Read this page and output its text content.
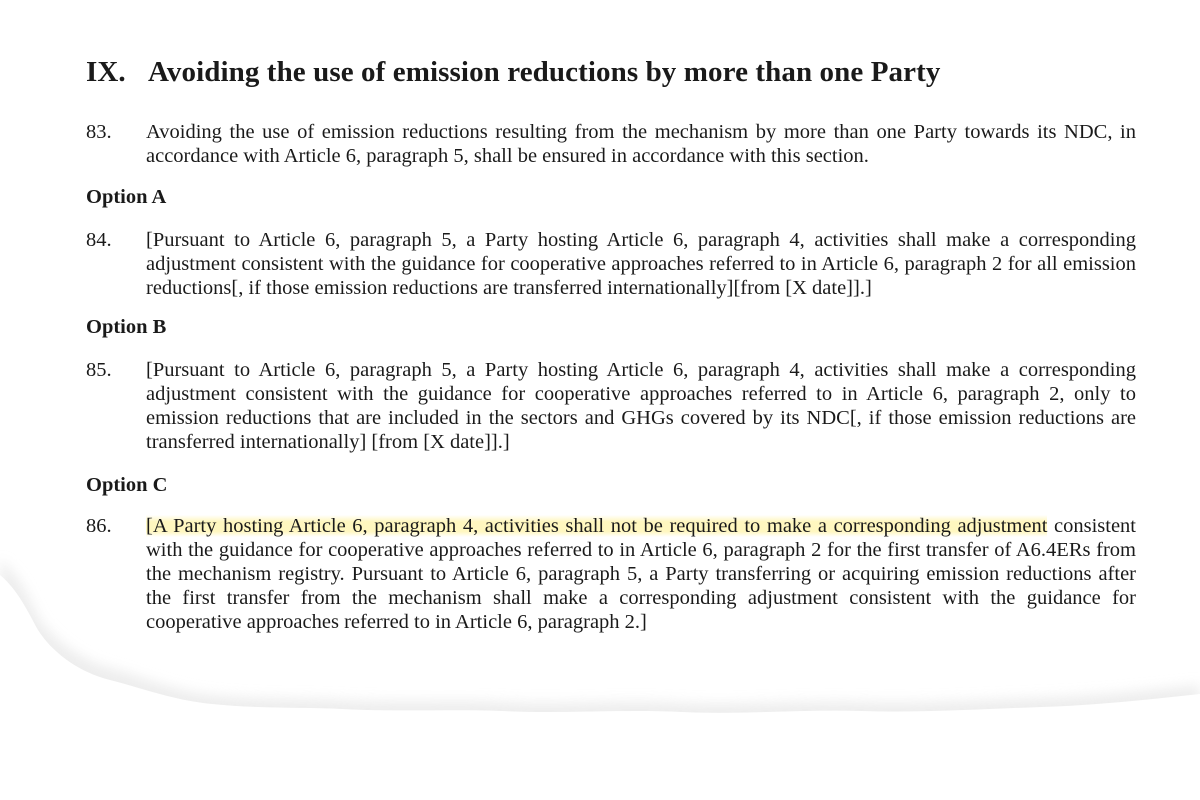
IX. Avoiding the use of emission reductions by more than one Party
83. Avoiding the use of emission reductions resulting from the mechanism by more than one Party towards its NDC, in accordance with Article 6, paragraph 5, shall be ensured in accordance with this section.
Option A
84. [Pursuant to Article 6, paragraph 5, a Party hosting Article 6, paragraph 4, activities shall make a corresponding adjustment consistent with the guidance for cooperative approaches referred to in Article 6, paragraph 2 for all emission reductions[, if those emission reductions are transferred internationally][from [X date]].]
Option B
85. [Pursuant to Article 6, paragraph 5, a Party hosting Article 6, paragraph 4, activities shall make a corresponding adjustment consistent with the guidance for cooperative approaches referred to in Article 6, paragraph 2, only to emission reductions that are included in the sectors and GHGs covered by its NDC[, if those emission reductions are transferred internationally] [from [X date]].]
Option C
86. [A Party hosting Article 6, paragraph 4, activities shall not be required to make a corresponding adjustment consistent with the guidance for cooperative approaches referred to in Article 6, paragraph 2 for the first transfer of A6.4ERs from the mechanism registry. Pursuant to Article 6, paragraph 5, a Party transferring or acquiring emission reductions after the first transfer from the mechanism shall make a corresponding adjustment consistent with the guidance for cooperative approaches referred to in Article 6, paragraph 2.]
